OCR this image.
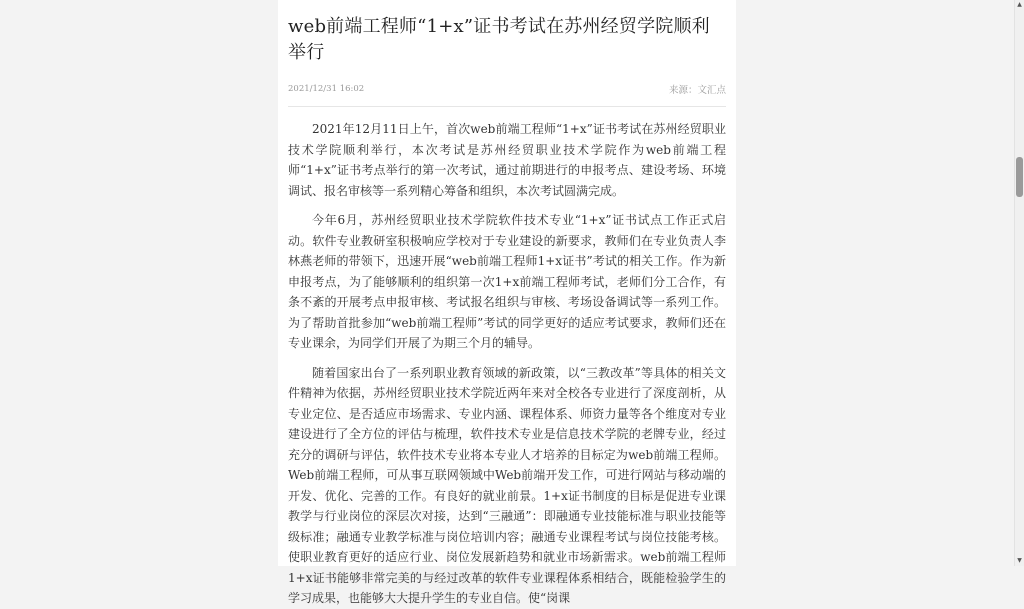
web前端工程师“1+x”证书考试在苏州经贸学院顺利举行
2021/12/31 16:02	来源：文汇点

2021年12月11日上午，首次web前端工程师“1+x”证书考试在苏州经贸职业技术学院顺利举行，本次考试是苏州经贸职业技术学院作为web前端工程师“1+x”证书考点举行的第一次考试，通过前期进行的申报考点、建设考场、环境调试、报名审核等一系列精心筹备和组织，本次考试圆满完成。

今年6月，苏州经贸职业技术学院软件技术专业“1+x”证书试点工作正式启动。软件专业教研室积极响应学校对于专业建设的新要求，教师们在专业负责人李林燕老师的带领下，迅速开展“web前端工程师1+x证书”考试的相关工作。作为新申报考点，为了能够顺利的组织第一次1+x前端工程师考试，老师们分工合作，有条不紊的开展考点申报审核、考试报名组织与审核、考场设备调试等一系列工作。为了帮助首批参加“web前端工程师”考试的同学更好的适应考试要求，教师们还在专业课余，为同学们开展了为期三个月的辅导。

随着国家出台了一系列职业教育领域的新政策，以“三教改革”等具体的相关文件精神为依据，苏州经贸职业技术学院近两年来对全校各专业进行了深度剖析，从专业定位、是否适应市场需求、专业内涵、课程体系、师资力量等各个维度对专业建设进行了全方位的评估与梳理，软件技术专业是信息技术学院的老牌专业，经过充分的调研与评估，软件技术专业将本专业人才培养的目标定为web前端工程师。Web前端工程师，可从事互联网领域中Web前端开发工作，可进行网站与移动端的开发、优化、完善的工作。有良好的就业前景。1+x证书制度的目标是促进专业课教学与行业岗位的深层次对接，达到“三融通”：即融通专业技能标准与职业技能等级标准；融通专业教学标准与岗位培训内容；融通专业课程考试与岗位技能考核。使职业教育更好的适应行业、岗位发展新趋势和就业市场新需求。web前端工程师1+x证书能够非常完美的与经过改革的软件专业课程体系相结合，既能检验学生的学习成果，也能够大大提升学生的专业自信。使“岗课

▲
▼
